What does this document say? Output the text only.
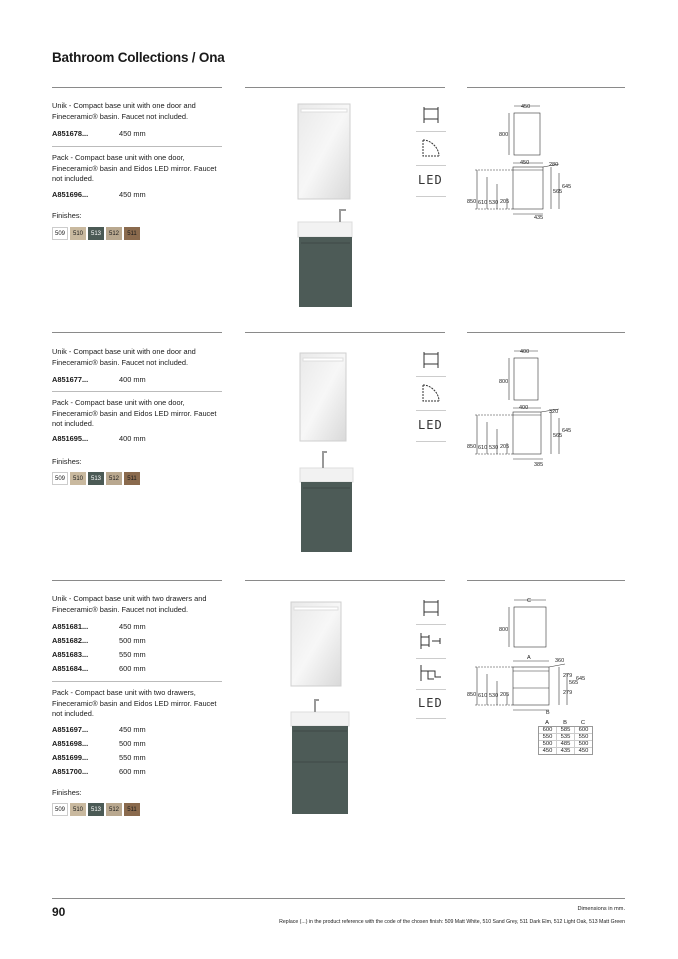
Bathroom Collections / Ona
Unik - Compact base unit with one door and Fineceramic® basin. Faucet not included.
A851678...	450 mm
Pack - Compact base unit with one door, Fineceramic® basin and Eidos LED mirror. Faucet not included.
A851696...	450 mm
Finishes:
509	510	513	512	511
LED
450
800
450	280
645
565
850 610 530 205
435
Unik - Compact base unit with one door and Fineceramic® basin. Faucet not included.
A851677...	400 mm
Pack - Compact base unit with one door, Fineceramic® basin and Eidos LED mirror. Faucet not included.
A851695...	400 mm
Finishes:
509	510	513	512	511
LED
400
800
400
320
645
565
850 610 530 205
385
Unik - Compact base unit with two drawers and Fineceramic® basin. Faucet not included.
A851681...	450 mm
A851682...	500 mm
A851683...	550 mm
A851684...	600 mm
Pack - Compact base unit with two drawers, Fineceramic® basin and Eidos LED mirror. Faucet not included.
A851697...	450 mm
A851698...	500 mm
A851699...	550 mm
A851700...	600 mm
Finishes:
509	510	513	512	511
LED
C
800
A	360
645
565
279
279
850 610 530 205
B
A	B	C
600	585	600
550	535	550
500	485	500
450	435	450
90	Dimensions in mm.
Replace (...) in the product reference with the code of the chosen finish: 509 Matt White, 510 Sand Grey, 511 Dark Elm, 512 Light Oak, 513 Matt Green
